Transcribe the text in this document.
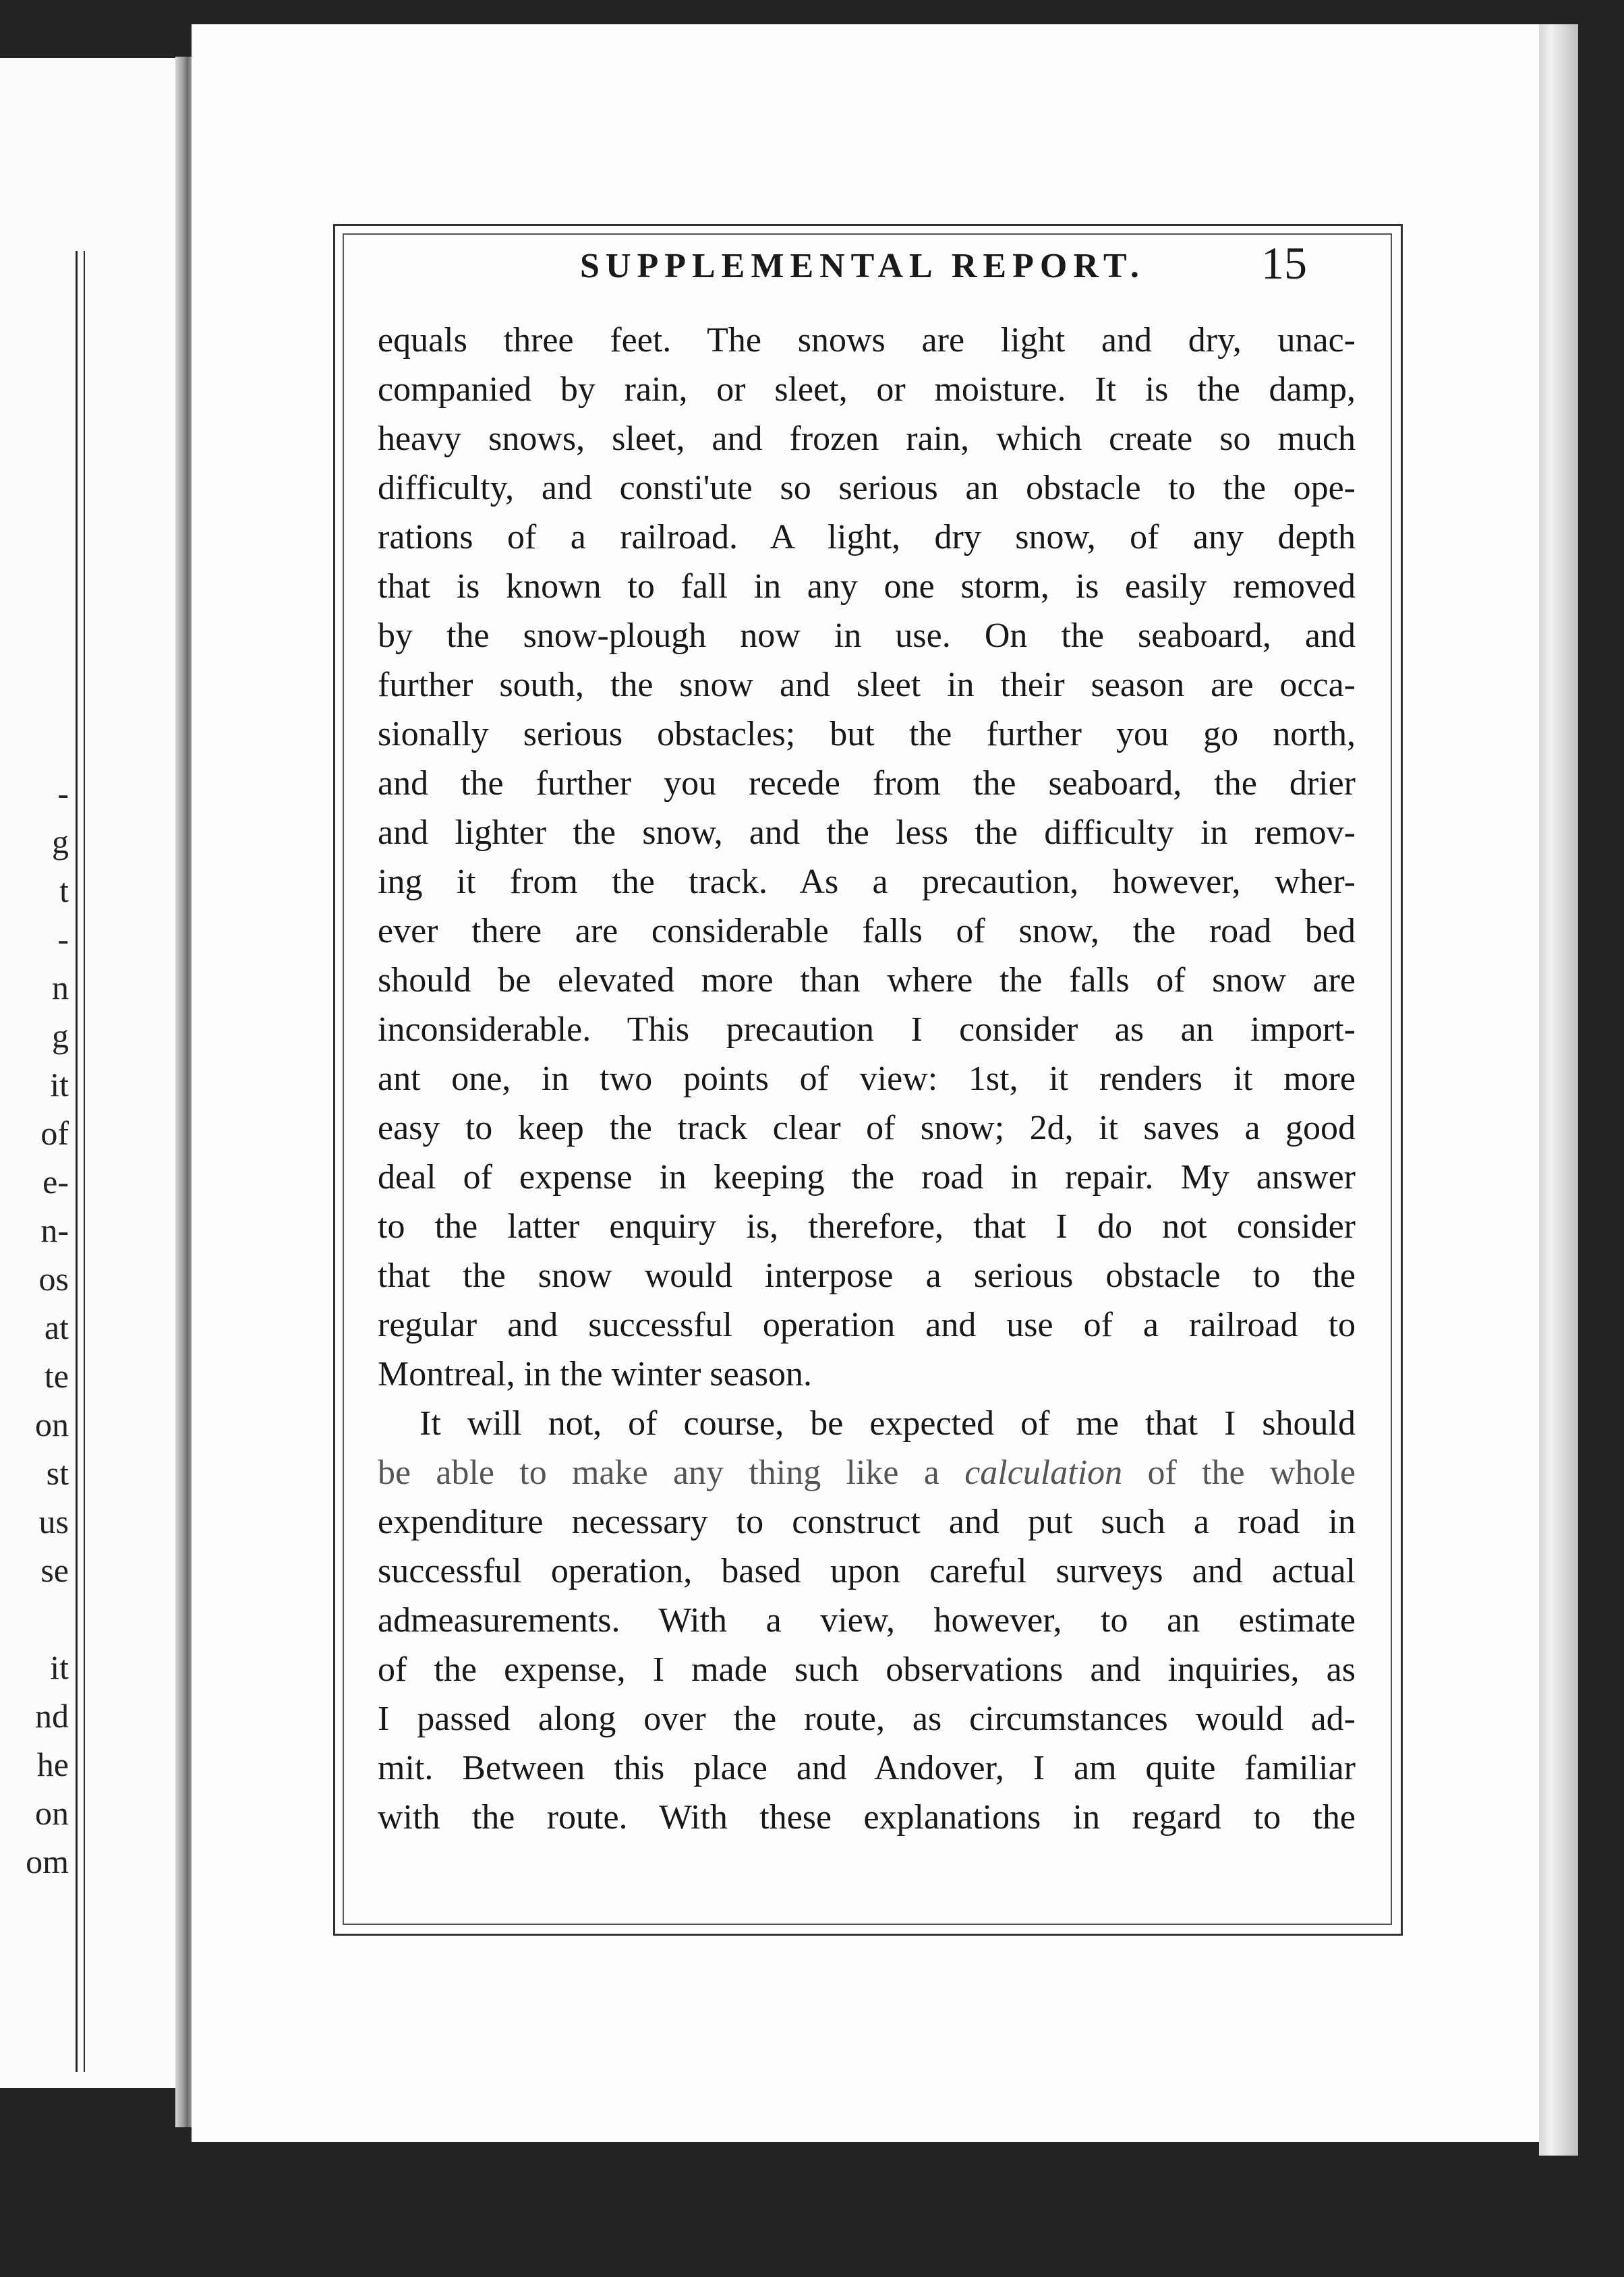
-
g
t
-
n
g
it
of
e-
n-
os
at
te
on
st
us
se
it
nd
he
on
om
SUPPLEMENTAL REPORT.	15
equals three feet. The snows are light and dry, unac-
companied by rain, or sleet, or moisture. It is the damp,
heavy snows, sleet, and frozen rain, which create so much
difficulty, and consti'ute so serious an obstacle to the ope-
rations of a railroad. A light, dry snow, of any depth
that is known to fall in any one storm, is easily removed
by the snow-plough now in use. On the seaboard, and
further south, the snow and sleet in their season are occa-
sionally serious obstacles; but the further you go north,
and the further you recede from the seaboard, the drier
and lighter the snow, and the less the difficulty in remov-
ing it from the track. As a precaution, however, wher-
ever there are considerable falls of snow, the road bed
should be elevated more than where the falls of snow are
inconsiderable. This precaution I consider as an import-
ant one, in two points of view: 1st, it renders it more
easy to keep the track clear of snow; 2d, it saves a good
deal of expense in keeping the road in repair. My answer
to the latter enquiry is, therefore, that I do not consider
that the snow would interpose a serious obstacle to the
regular and successful operation and use of a railroad to
Montreal, in the winter season.
It will not, of course, be expected of me that I should
be able to make any thing like a calculation of the whole
expenditure necessary to construct and put such a road in
successful operation, based upon careful surveys and actual
admeasurements. With a view, however, to an estimate
of the expense, I made such observations and inquiries, as
I passed along over the route, as circumstances would ad-
mit. Between this place and Andover, I am quite familiar
with the route. With these explanations in regard to the
